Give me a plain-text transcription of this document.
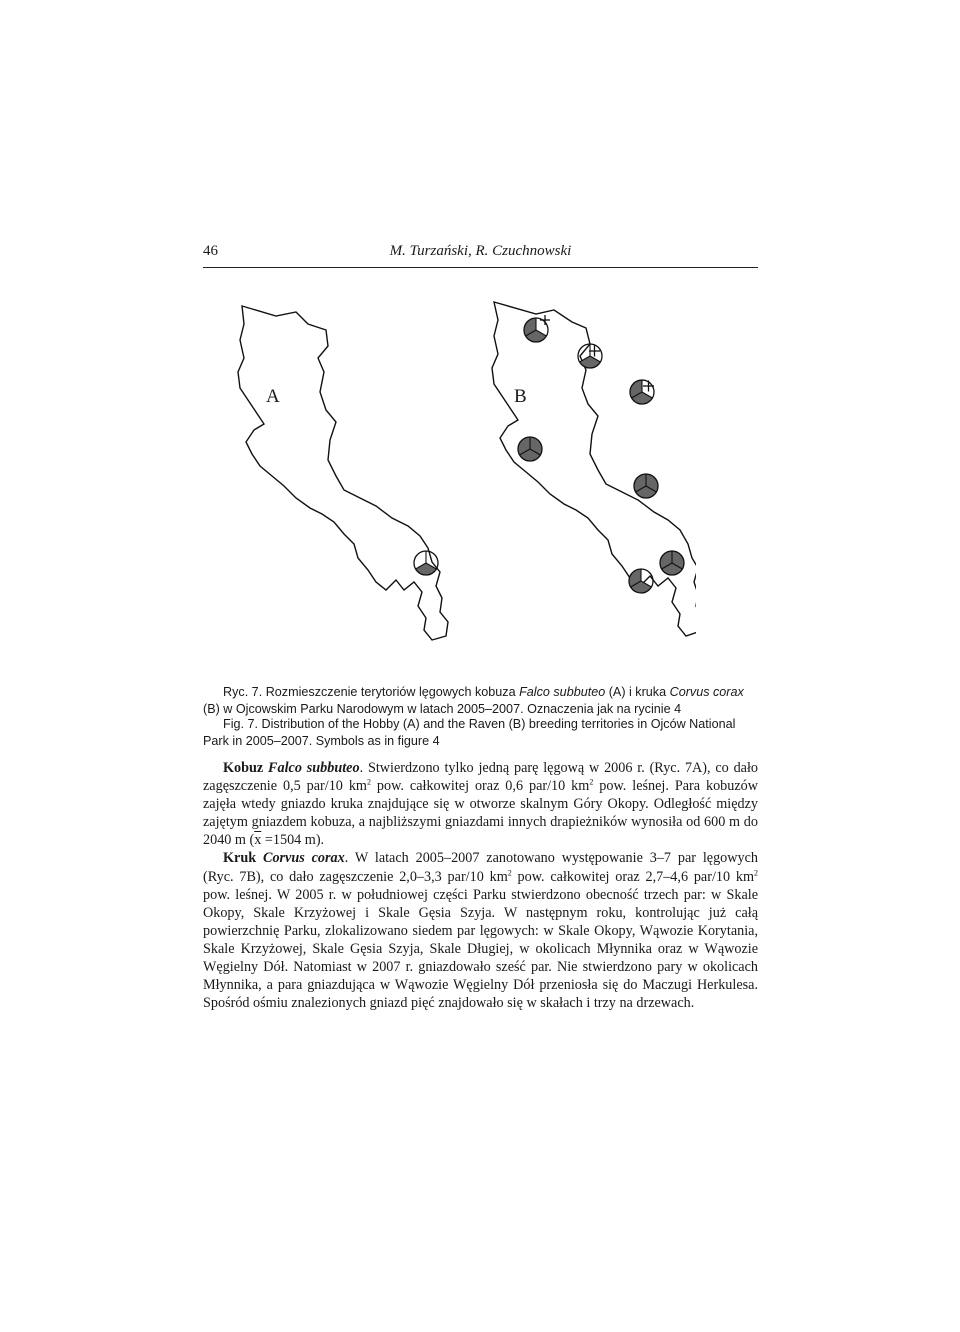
46	M. Turzański, R. Czuchnowski
A	B
Ryc. 7. Rozmieszczenie terytoriów lęgowych kobuza Falco subbuteo (A) i kruka Corvus corax (B) w Ojcowskim Parku Narodowym w latach 2005–2007. Oznaczenia jak na rycinie 4
Fig. 7. Distribution of the Hobby (A) and the Raven (B) breeding territories in Ojców National Park in 2005–2007. Symbols as in figure 4

Kobuz Falco subbuteo. Stwierdzono tylko jedną parę lęgową w 2006 r. (Ryc. 7A), co dało zagęszczenie 0,5 par/10 $km^2$ pow. całkowitej oraz 0,6 par/10 $km^2$ pow. leśnej. Para kobuzów zajęła wtedy gniazdo kruka znajdujące się w otworze skalnym Góry Okopy. Odległość między zajętym gniazdem kobuza, a najbliższymi gniazdami innych drapieżników wynosiła od 600 m do 2040 m ($\overline{x} =1504$ m).

Kruk Corvus corax. W latach 2005–2007 zanotowano występowanie 3–7 par lęgowych (Ryc. 7B), co dało zagęszczenie 2,0–3,3 par/10 $km^2$ pow. całkowitej oraz 2,7–4,6 par/10 $km^2$ pow. leśnej. W 2005 r. w południowej części Parku stwierdzono obecność trzech par: w Skale Okopy, Skale Krzyżowej i Skale Gęsia Szyja. W następnym roku, kontrolując już całą powierzchnię Parku, zlokalizowano siedem par lęgowych: w Skale Okopy, Wąwozie Korytania, Skale Krzyżowej, Skale Gęsia Szyja, Skale Długiej, w okolicach Młynnika oraz w Wąwozie Węgielny Dół. Natomiast w 2007 r. gniazdowało sześć par. Nie stwierdzono pary w okolicach Młynnika, a para gniazdująca w Wąwozie Węgielny Dół przeniosła się do Maczugi Herkulesa. Spośród ośmiu znalezionych gniazd pięć znajdowało się w skałach i trzy na drzewach.
